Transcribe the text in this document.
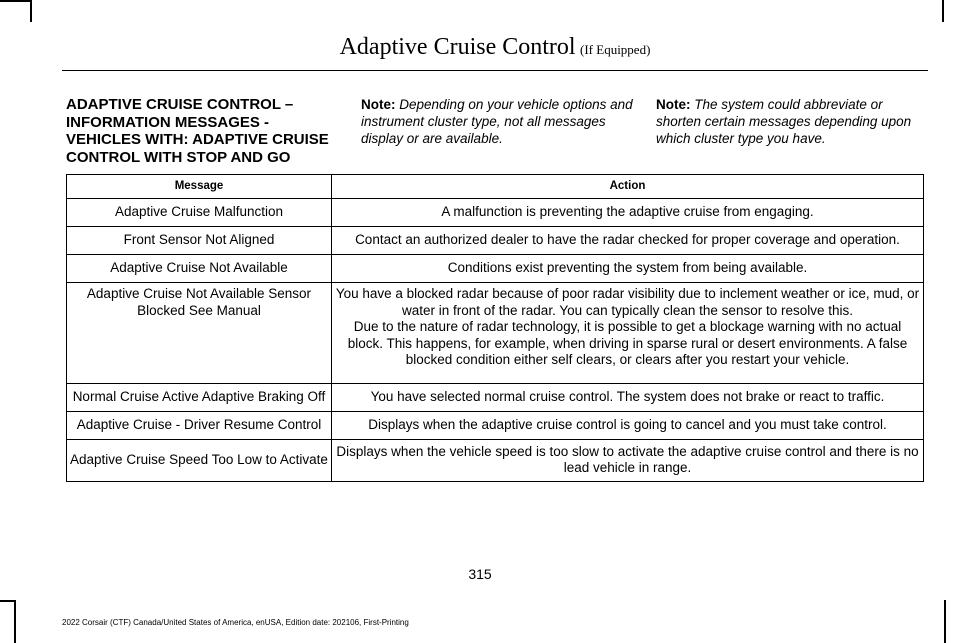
Adaptive Cruise Control (If Equipped)
ADAPTIVE CRUISE CONTROL – INFORMATION MESSAGES - VEHICLES WITH: ADAPTIVE CRUISE CONTROL WITH STOP AND GO
Note: Depending on your vehicle options and instrument cluster type, not all messages display or are available.
Note: The system could abbreviate or shorten certain messages depending upon which cluster type you have.
Message	Action
Adaptive Cruise Malfunction	A malfunction is preventing the adaptive cruise from engaging.
Front Sensor Not Aligned	Contact an authorized dealer to have the radar checked for proper coverage and operation.
Adaptive Cruise Not Available	Conditions exist preventing the system from being available.
Adaptive Cruise Not Available Sensor Blocked See Manual	You have a blocked radar because of poor radar visibility due to inclement weather or ice, mud, or water in front of the radar. You can typically clean the sensor to resolve this.
Due to the nature of radar technology, it is possible to get a blockage warning with no actual block. This happens, for example, when driving in sparse rural or desert environments. A false blocked condition either self clears, or clears after you restart your vehicle.

Normal Cruise Active Adaptive Braking Off	You have selected normal cruise control. The system does not brake or react to traffic.
Adaptive Cruise - Driver Resume Control	Displays when the adaptive cruise control is going to cancel and you must take control.
Adaptive Cruise Speed Too Low to Activate	Displays when the vehicle speed is too slow to activate the adaptive cruise control and there is no lead vehicle in range.
315
2022 Corsair (CTF) Canada/United States of America, enUSA, Edition date: 202106, First-Printing
